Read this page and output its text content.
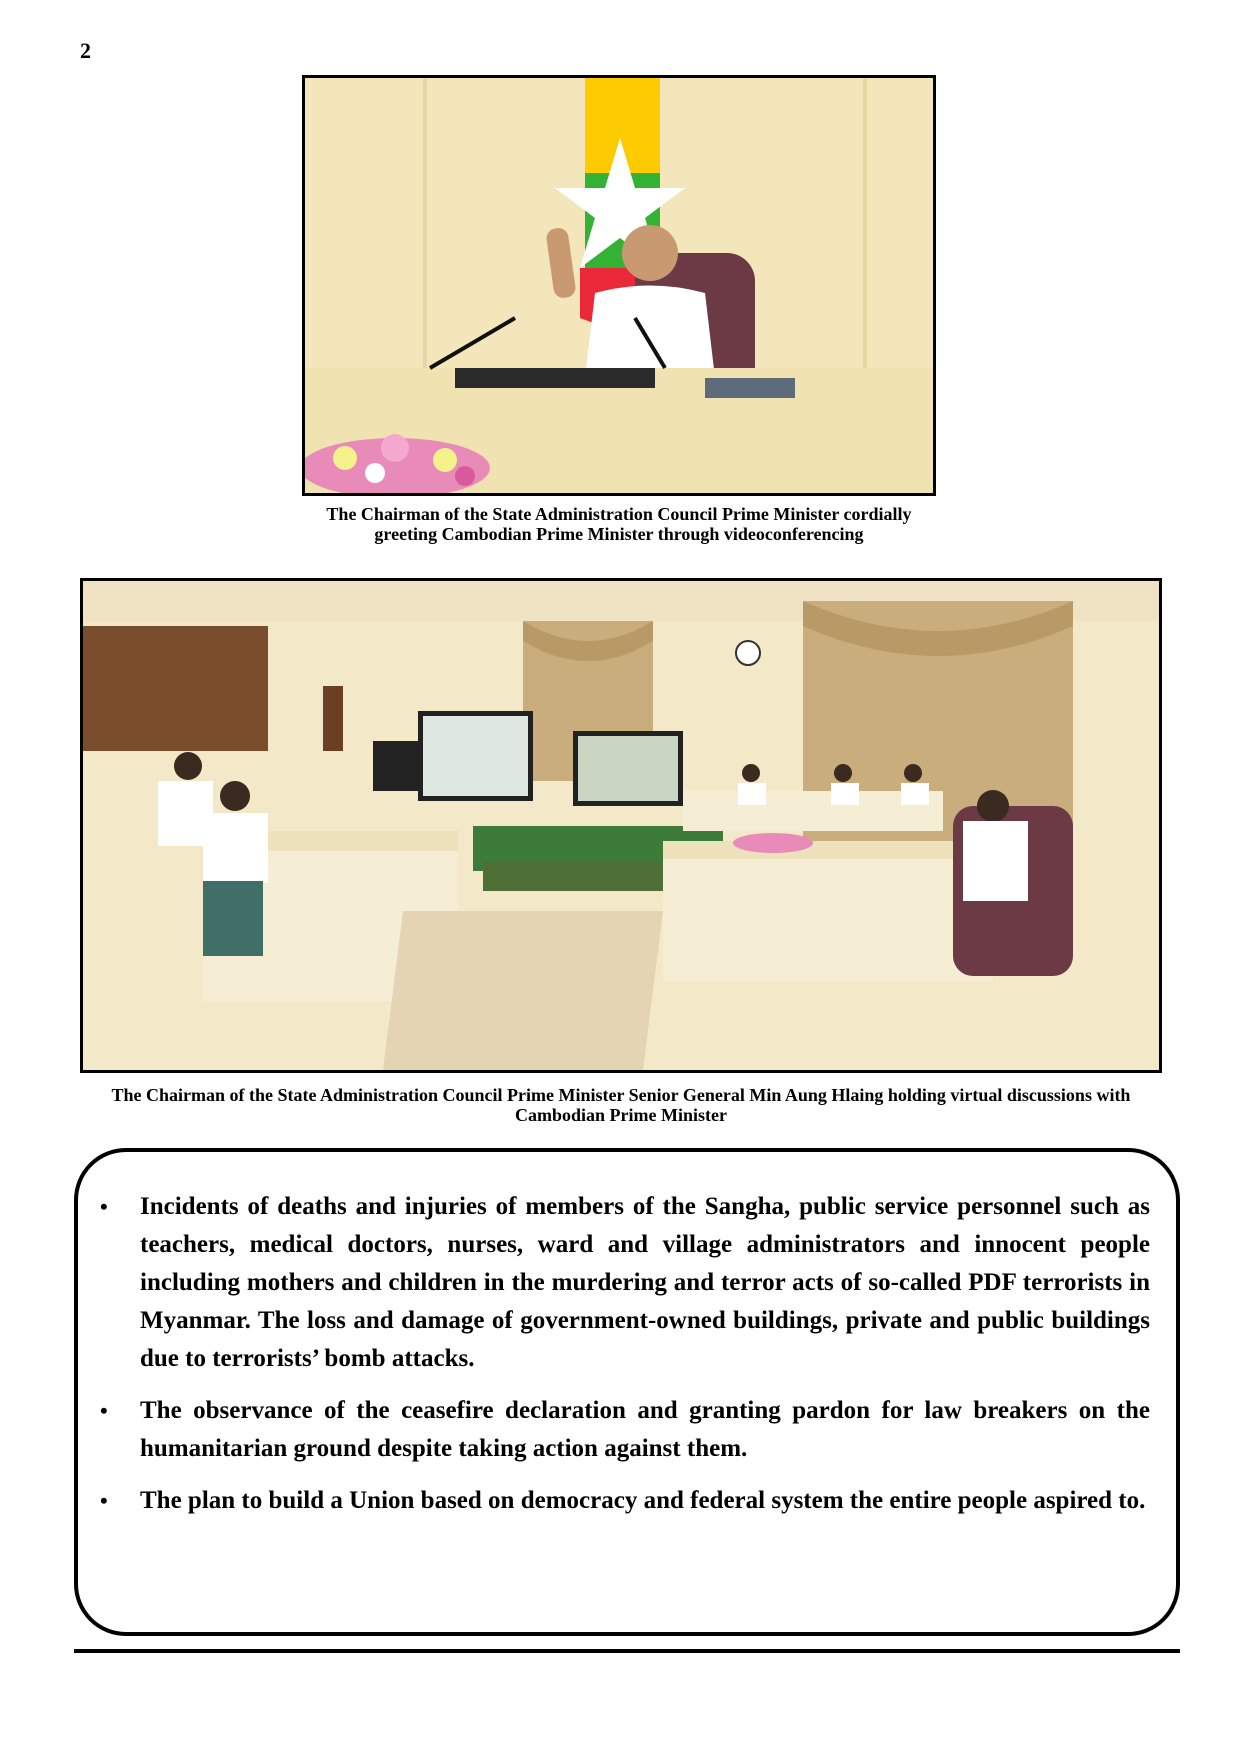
2
The Chairman of the State Administration Council Prime Minister cordially greeting Cambodian Prime Minister through videoconferencing
The Chairman of the State Administration Council Prime Minister Senior General Min Aung Hlaing holding virtual discussions with Cambodian Prime Minister
• Incidents of deaths and injuries of members of the Sangha, public service personnel such as teachers, medical doctors, nurses, ward and village administrators and innocent people including mothers and children in the murdering and terror acts of so-called PDF terrorists in Myanmar. The loss and damage of government-owned buildings, private and public buildings due to terrorists’ bomb attacks.
• The observance of the ceasefire declaration and granting pardon for law breakers on the humanitarian ground despite taking action against them.
• The plan to build a Union based on democracy and federal system the entire people aspired to.
